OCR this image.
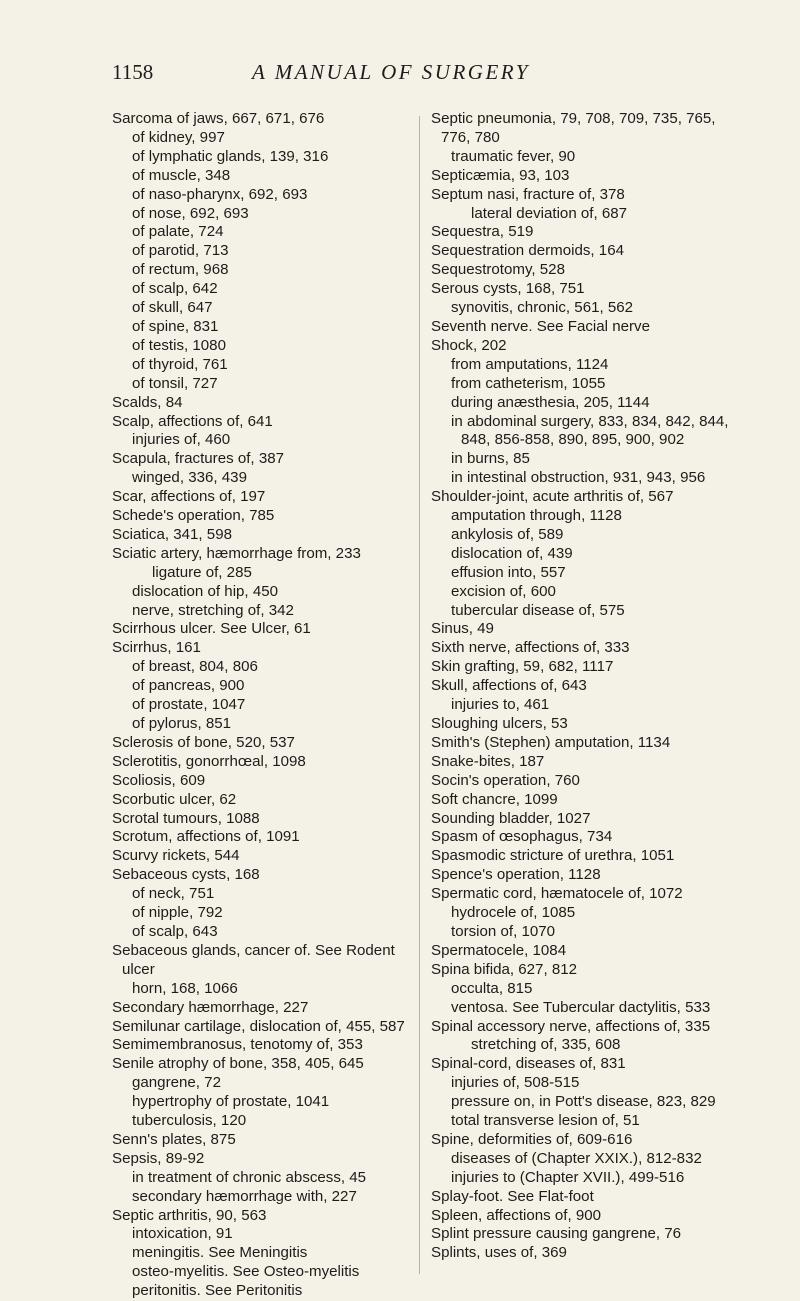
1158	A MANUAL OF SURGERY

Sarcoma of jaws, 667, 671, 676

of kidney, 997

of lymphatic glands, 139, 316

of muscle, 348

of naso-pharynx, 692, 693

of nose, 692, 693

of palate, 724

of parotid, 713

of rectum, 968

of scalp, 642

of skull, 647

of spine, 831

of testis, 1080

of thyroid, 761

of tonsil, 727

Scalds, 84

Scalp, affections of, 641

injuries of, 460

Scapula, fractures of, 387

winged, 336, 439

Scar, affections of, 197

Schede's operation, 785

Sciatica, 341, 598

Sciatic artery, hæmorrhage from, 233

ligature of, 285

dislocation of hip, 450

nerve, stretching of, 342

Scirrhous ulcer. See Ulcer, 61

Scirrhus, 161

of breast, 804, 806

of pancreas, 900

of prostate, 1047

of pylorus, 851

Sclerosis of bone, 520, 537

Sclerotitis, gonorrhœal, 1098

Scoliosis, 609

Scorbutic ulcer, 62

Scrotal tumours, 1088

Scrotum, affections of, 1091

Scurvy rickets, 544

Sebaceous cysts, 168

of neck, 751

of nipple, 792

of scalp, 643

Sebaceous glands, cancer of. See Rodent ulcer

horn, 168, 1066

Secondary hæmorrhage, 227

Semilunar cartilage, dislocation of, 455, 587

Semimembranosus, tenotomy of, 353

Senile atrophy of bone, 358, 405, 645

gangrene, 72

hypertrophy of prostate, 1041

tuberculosis, 120

Senn's plates, 875

Sepsis, 89-92

in treatment of chronic abscess, 45

secondary hæmorrhage with, 227

Septic arthritis, 90, 563

intoxication, 91

meningitis. See Meningitis

osteo-myelitis. See Osteo-myelitis

peritonitis. See Peritonitis

Septic pneumonia, 79, 708, 709, 735, 765, 776, 780

traumatic fever, 90

Septicæmia, 93, 103

Septum nasi, fracture of, 378

lateral deviation of, 687

Sequestra, 519

Sequestration dermoids, 164

Sequestrotomy, 528

Serous cysts, 168, 751

synovitis, chronic, 561, 562

Seventh nerve. See Facial nerve

Shock, 202

from amputations, 1124

from catheterism, 1055

during anæsthesia, 205, 1144

in abdominal surgery, 833, 834, 842, 844, 848, 856-858, 890, 895, 900, 902

in burns, 85

in intestinal obstruction, 931, 943, 956

Shoulder-joint, acute arthritis of, 567

amputation through, 1128

ankylosis of, 589

dislocation of, 439

effusion into, 557

excision of, 600

tubercular disease of, 575

Sinus, 49

Sixth nerve, affections of, 333

Skin grafting, 59, 682, 1117

Skull, affections of, 643

injuries to, 461

Sloughing ulcers, 53

Smith's (Stephen) amputation, 1134

Snake-bites, 187

Socin's operation, 760

Soft chancre, 1099

Sounding bladder, 1027

Spasm of œsophagus, 734

Spasmodic stricture of urethra, 1051

Spence's operation, 1128

Spermatic cord, hæmatocele of, 1072

hydrocele of, 1085

torsion of, 1070

Spermatocele, 1084

Spina bifida, 627, 812

occulta, 815

ventosa. See Tubercular dactylitis, 533

Spinal accessory nerve, affections of, 335

stretching of, 335, 608

Spinal-cord, diseases of, 831

injuries of, 508-515

pressure on, in Pott's disease, 823, 829

total transverse lesion of, 51

Spine, deformities of, 609-616

diseases of (Chapter XXIX.), 812-832

injuries to (Chapter XVII.), 499-516

Splay-foot. See Flat-foot

Spleen, affections of, 900

Splint pressure causing gangrene, 76

Splints, uses of, 369
